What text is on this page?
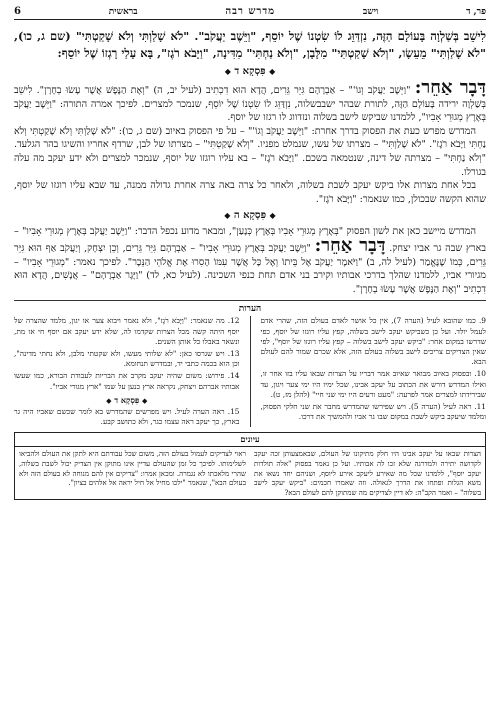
פר, ד
וישב
מדרש רבה
בראשית
6
לִישֵׁב בְּשַׁלְוָה בָּעוֹלָם הַזֶּה, נִזְדַּוֵּג לוֹ שִׂטְנוֹ שֶׁל יוֹסֵף, "וַיֵּשֶׁב יַעֲקֹב". "לֹא שָׁלַוְתִּי וְלֹא שָׁקַטְתִּי" (שם ג, כו), "לֹא שָׁלַוְתִּי" מֵעֵשָׂו, "וְלֹא שָׁקַטְתִּי" מִלָּבָן, "וְלֹא נַחְתִּי" מִדִּינָה, "וַיָּבֹא רֹגֶז", בָּא עָלַי רָגְזוֹ שֶׁל יוֹסֵף:
◆ פִּסְקָא ד ◆

דָּבָר אַחֵר: "וַיֵּשֶׁב יַעֲקֹב וְגוֹ'" – אַבְרָהָם גִּיֵּר גֵּרִים, הֲדָא הוּא דִכְתִיב (לעיל יב, ה) "וְאֶת הַנֶּפֶשׁ אֲשֶׁר עָשׂוּ בְחָרָן". לִישֵׁב בְּשַׁלְוָה ירידה בָּעוֹלָם הַזֶּה, לתורת שבהר ישבבשלוה, נִזְדַּוֵּג לוֹ שִׂטְנוֹ שֶׁל יוֹסֵף, שנמכר למצרים. לפיכך אמרה התורה: "וַיֵּשֶׁב יַעֲקֹב בְּאֶרֶץ מְגוּרֵי אָבִיו", ללמדנו שביקש לישב בשלוה ונזדווג לו רגזו של יוסף.

המדרש מפרש כעת את הפסוק בדרך אחרת: "וַיֵּשֶׁב יַעֲקֹב וְגוֹ'" – על פי הפסוק באיוב (שם ג, כו): "לֹא שָׁלַוְתִּי וְלֹא שָׁקַטְתִּי וְלֹא נַחְתִּי וַיָּבֹא רֹגֶז". "לֹא שָׁלַוְתִּי" – מצרתו של עשו, שנמלט מפניו. "וְלֹא שָׁקַטְתִּי" – מצרתו של לבן, שרדף אחריו והשיגו בהר הגלעד. "וְלֹא נַחְתִּי" – מצרתה של דינה, שנטמאה בשכם. "וַיָּבֹא רֹגֶז" – בא עליו רוגזו של יוסף, שנמכר למצרים ולא ידע יעקב מה עלה בגורלו.

בכל אחת מצרות אלו ביקש יעקב לשבת בשלוה, ולאחר כל צרה באה צרה אחרת גדולה ממנה, עד שבא עליו רוגזו של יוסף, שהוא הקשה שבכולן, כמו שנאמר: "וַיָּבֹא רֹגֶז".

◆ פִּסְקָא ה ◆

המדרש מיישב כאן את לשון הפסוק "בְּאֶרֶץ מְגוּרֵי אָבִיו בְּאֶרֶץ כְּנָעַן", ומבאר מדוע נכפל הדבר: "וַיֵּשֶׁב יַעֲקֹב בְּאֶרֶץ מְגוּרֵי אָבִיו" – בארץ שבה גר אביו יצחק. דָּבָר אַחֵר: "וַיֵּשֶׁב יַעֲקֹב בְּאֶרֶץ מְגוּרֵי אָבִיו" – אַבְרָהָם גִּיֵּר גֵּרִים, וְכֵן יִצְחָק, וְיַעֲקֹב אַף הוּא גִּיֵּר גֵּרִים, כְּמוֹ שֶׁנֶּאֱמַר (לעיל לה, ב) "וַיֹּאמֶר יַעֲקֹב אֶל בֵּיתוֹ וְאֶל כָּל אֲשֶׁר עִמּוֹ הָסִרוּ אֶת אֱלֹהֵי הַנֵּכָר". לפיכך נאמר: "מְגוּרֵי אָבִיו" – מגיורי אביו, ללמדנו שהלך בדרכי אבותיו וקירב בני אדם תחת כנפי השכינה. (לעיל כא, לד) "וַיָּגָר אַבְרָהָם" – אֲנָשִׁים, הֲדָא הוּא דִכְתִיב "וְאֶת הַנֶּפֶשׁ אֲשֶׁר עָשׂוּ בְחָרָן".

הערות

9. כמו שהובא לעיל (הערה 7), אין כל אושר לאדם בעולם הזה, שהרי אדם לעמל יולד. ועל כן כשביקש יעקב לישב בשלוה, קפץ עליו רוגזו של יוסף, כפי שדרשו במקום אחר: "ביקש יעקב לישב בשלוה – קפץ עליו רוגזו של יוסף", לפי שאין הצדיקים צריכים לישב בשלוה בעולם הזה, אלא שכרם שמור להם לעולם הבא.

10. ובפסוק באיוב מבואר שאיוב אמר דבריו על הצרות שבאו עליו בזו אחר זו, ואילו המדרש דורש את הכתוב על יעקב אבינו, שכל ימיו היו ימי צער ויגון, עד שבירידתו למצרים אמר לפרעה: "מעט ורעים היו ימי שני חיי" (להלן מז, ט).

11. ראה לעיל (הערה 5). ויש שפירשו שהמדרש מחבר את שני חלקי הפסוק, ומלמד שיעקב ביקש לשבת במקום שבו גר אביו ולהמשיך את דרכו.

12. מה שנאמר: "וַיָּבֹא רֹגֶז", ולא נאמר ויבוא צער או יגון, מלמד שהצרה של יוסף היתה קשה מכל הצרות שקדמו לה, שלא ידע יעקב אם יוסף חי או מת, ונשאר באבלו כל אותן השנים.

13. ויש שגרסו כאן: "לא שלותי מעשו, ולא שקטתי מלבן, ולא נחתי מדינה", וכן הוא בכמה כתבי יד, ובמדרש תנחומא.

14. פירוש: משום שהיה יעקב מקרב את הבריות לעבודת הבורא, כמו שעשו אבותיו אברהם ויצחק, נקראה ארץ כנען על שמו "ארץ מגורי אביו".

◆ פִּסְקָא ד ◆

15. ראה הערה לעיל. ויש מפרשים שהמדרש בא לומר שכשם שאביו היה גר בארץ, כך יעקב ראה עצמו כגר, ולא כתושב קבע.

עיונים
הצרות שבאו על יעקב אבינו היו חלק מתיקונו של העולם, שבאמצעותן זכה יעקב לקדושה יתירה ולמדרגה שלא זכו לה אבותיו. ועל כן נאמר בפסוק "אלה תולדות יעקב יוסף", ללמדנו שכל מה שאירע ליעקב אירע ליוסף, ושניהם יחד נשאו את משא הגלות ופתחו את הדרך לגאולה. וזה שאמרו חכמים: "ביקש יעקב לישב בשלוה" – ואמר הקב"ה: לא דיין לצדיקים מה שמתוקן להם לעולם הבא?
ראוי לצדיקים לעמול בעולם הזה, משום שכל עבודתם היא לתקן את העולם ולהביאו לשלימותו. לפיכך כל זמן שהעולם עדיין אינו מתוקן אין הצדיק יכול לשבת בשלוה, שהרי מלאכתו לא נגמרה. ומכאן אמרו: "צדיקים אין להם מנוחה לא בעולם הזה ולא בעולם הבא", שנאמר "ילכו מחיל אל חיל יראה אל אלהים בציון".
